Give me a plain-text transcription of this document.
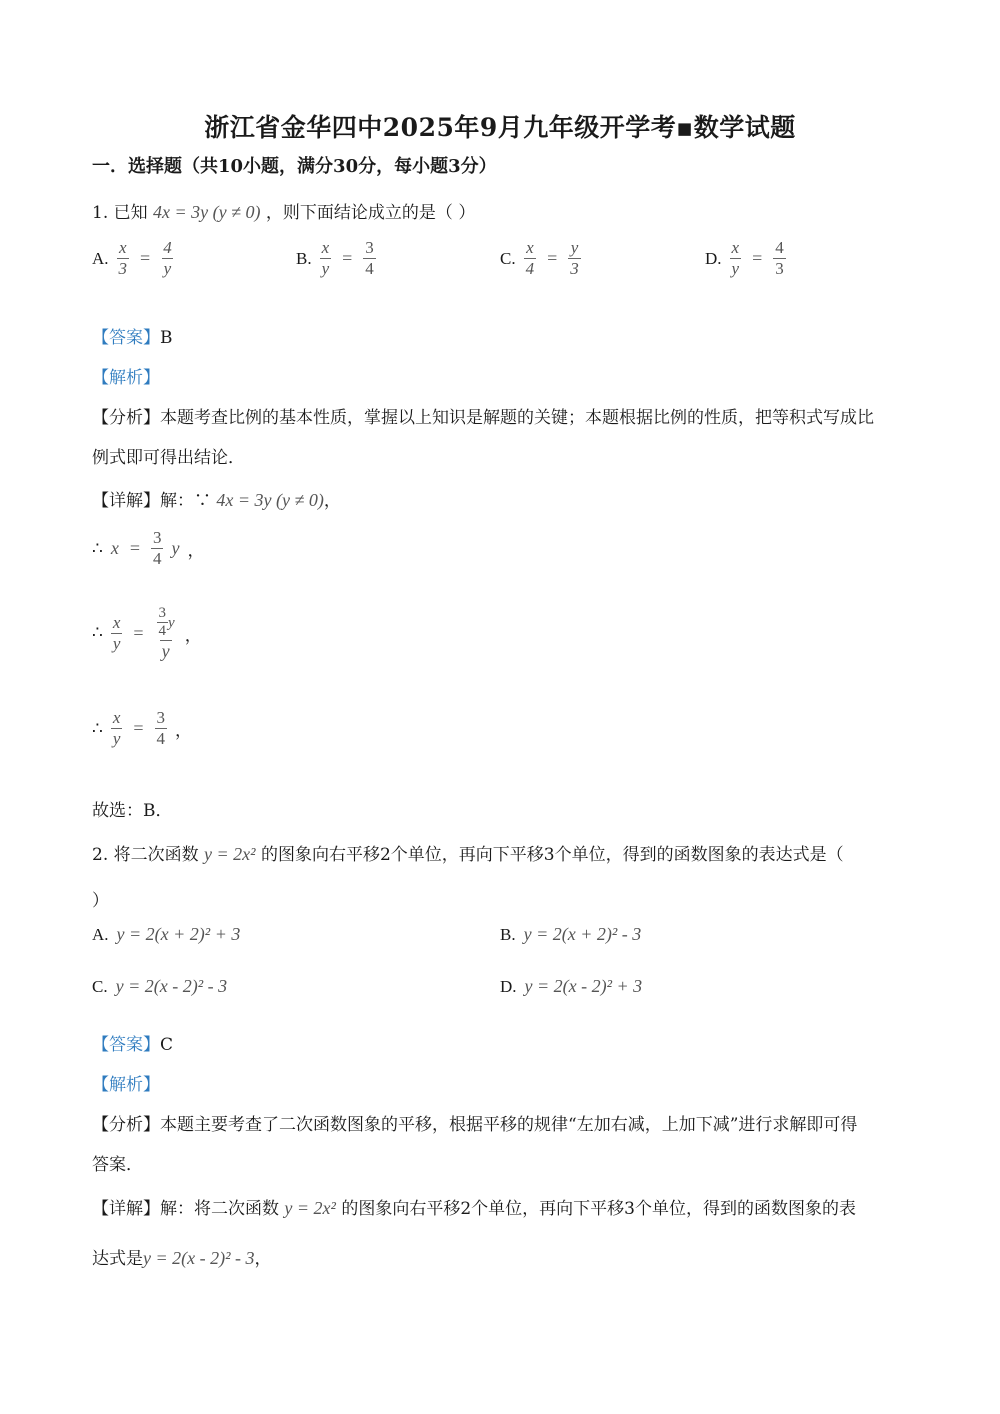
浙江省金华四中2025年9月九年级开学考▪数学试题
一．选择题（共10小题，满分30分，每小题3分）
1. 已知 4x = 3y (y ≠ 0) ，则下面结论成立的是（ ）
A. $\frac{x}{3} = \frac{4}{y}$	B. $\frac{x}{y} = \frac{3}{4}$	C. $\frac{x}{4} = \frac{y}{3}$	D. $\frac{x}{y} = \frac{4}{3}$
【答案】B
【解析】
【分析】本题考查比例的基本性质，掌握以上知识是解题的关键；本题根据比例的性质，把等积式写成比
例式即可得出结论．
【详解】解：∵ 4x = 3y (y ≠ 0)，
∴ $x = \frac{3}{4}$ y ，
∴ $\frac{x}{y} = \frac{\frac{3}{4} y}{y}$ ，
∴ $\frac{x}{y} = \frac{3}{4}$ ，
故选：B．
2. 将二次函数 y = 2x² 的图象向右平移2个单位，再向下平移3个单位，得到的函数图象的表达式是（
）
A. y = 2(x + 2)² + 3	B. y = 2(x + 2)² - 3
C. y = 2(x - 2)² - 3	D. y = 2(x - 2)² + 3
【答案】C
【解析】
【分析】本题主要考查了二次函数图象的平移，根据平移的规律“左加右减，上加下减”进行求解即可得
答案．
【详解】解：将二次函数 y = 2x² 的图象向右平移2个单位，再向下平移3个单位，得到的函数图象的表
达式是y = 2(x - 2)² - 3，
